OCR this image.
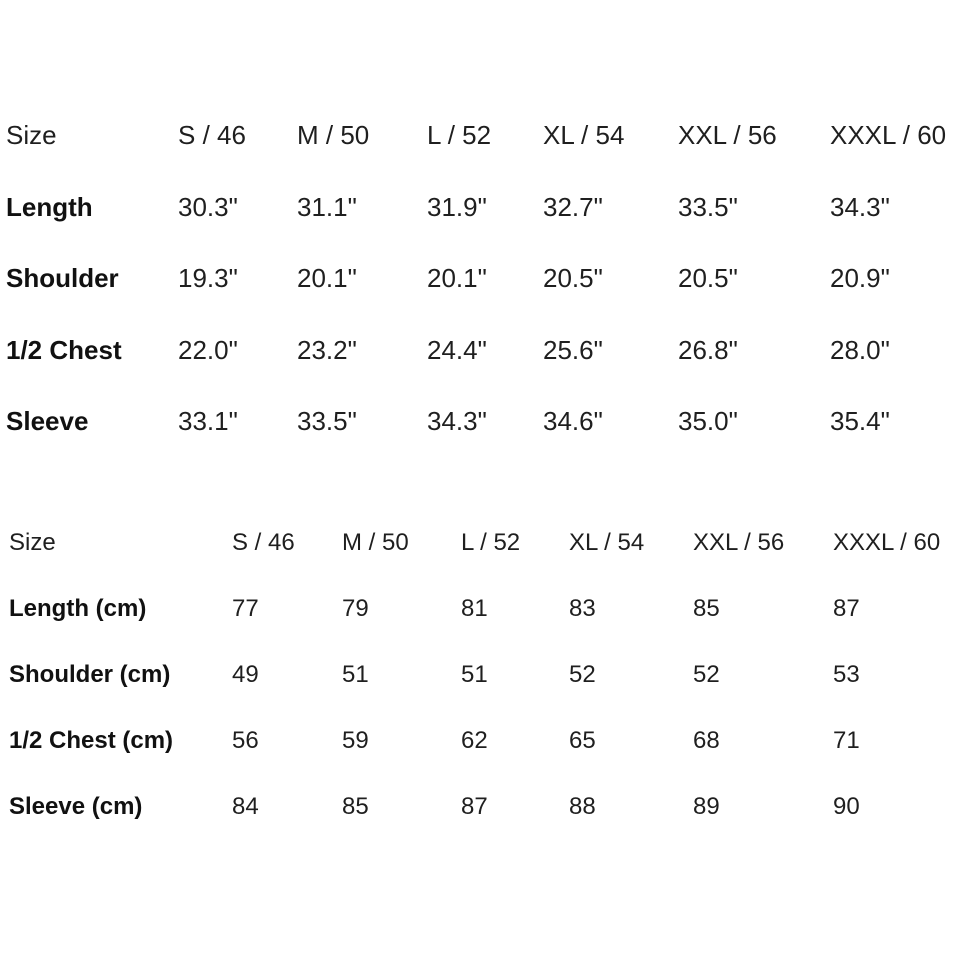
Size	S / 46 M / 50 L / 52 XL / 54 XXL / 56 XXXL / 60
Length	30.3" 31.1"	31.9" 32.7"	33.5"	34.3"
Shoulder 19.3" 20.1"	20.1" 20.5"	20.5"	20.9"
1/2 Chest 22.0" 23.2"	24.4" 25.6"	26.8"	28.0"
Sleeve	33.1" 33.5"	34.3" 34.6"	35.0"	35.4"
Size	S / 46 M / 50 L / 52 XL / 54 XXL / 56 XXXL / 60
Length (cm)	77	79	81	83	85	87
Shoulder (cm)	49	51	51	52	52	53
1/2 Chest (cm) 56	59	62	65	68	71
Sleeve (cm)	84	85	87	88	89	90
